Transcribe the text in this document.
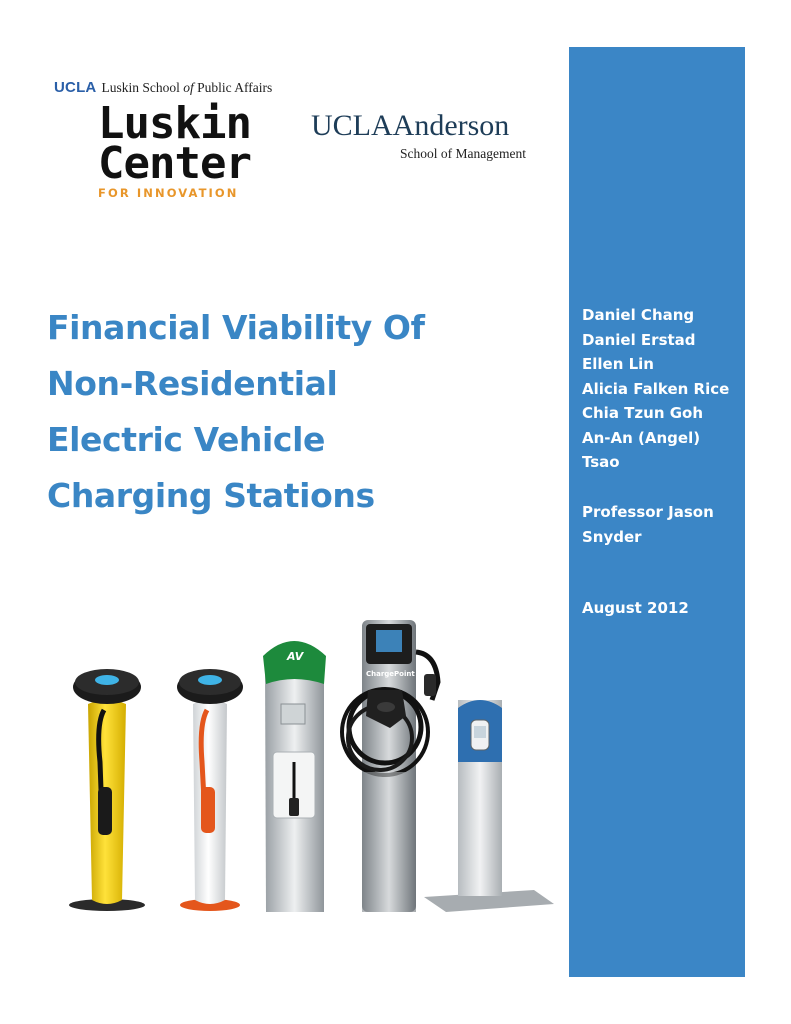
UCLA Luskin School of Public Affairs
Luskin
Center
FOR INNOVATION
UCLAAnderson
School of Management
Financial Viability Of
Non-Residential
Electric Vehicle
Charging Stations
Daniel Chang
Daniel Erstad
Ellen Lin
Alicia Falken Rice
Chia Tzun Goh
An-An (Angel)
Tsao
Professor Jason
Snyder
August 2012
AV
ChargePoint
